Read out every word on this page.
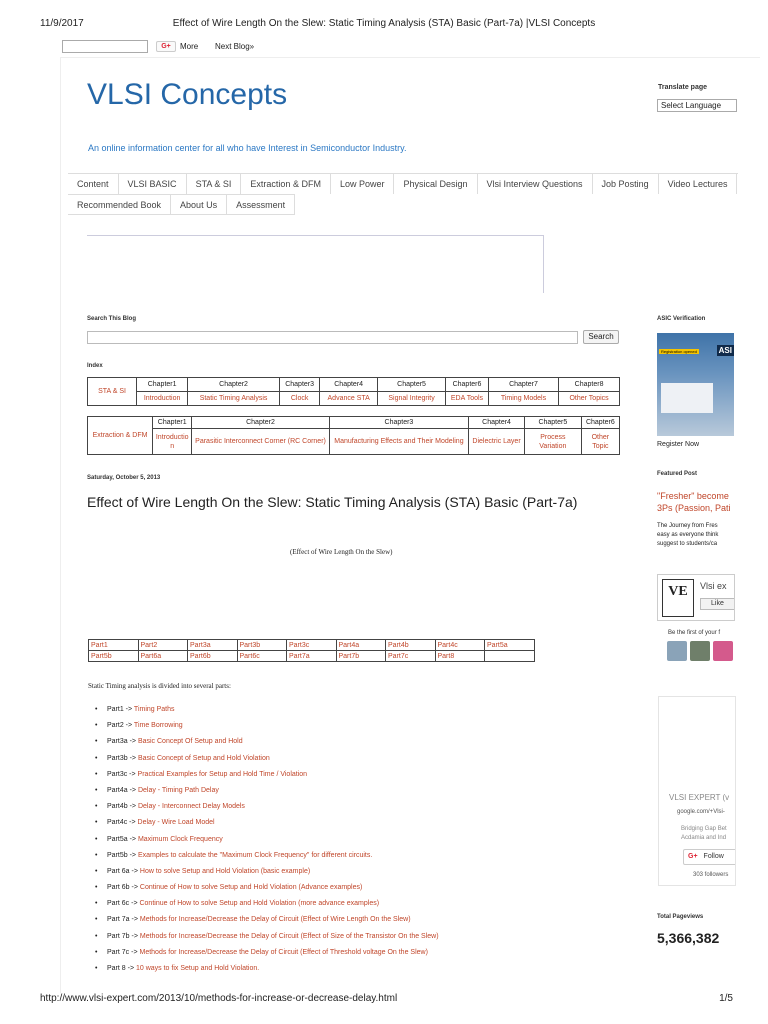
11/9/2017	Effect of Wire Length On the Slew: Static Timing Analysis (STA) Basic (Part-7a) |VLSI Concepts
G+	More Next Blog»
VLSI Concepts
An online information center for all who have Interest in Semiconductor Industry.
Translate page
Select Language
Content	VLSI BASIC	STA & SI	Extraction & DFM	Low Power	Physical Design	Vlsi Interview Questions	Job Posting	Video Lectures
Recommended Book	About Us	Assessment
Search This Blog
Search
Index
STA & SI	Chapter1	Chapter2	Chapter3	Chapter4	Chapter5	Chapter6	Chapter7	Chapter8
	Introduction	Static Timing Analysis	Clock	Advance STA	Signal Integrity	EDA Tools	Timing Models	Other Topics
Extraction & DFM	Chapter1	Chapter2	Chapter3	Chapter4	Chapter5	Chapter6
	Introductio n	Parasitic Interconnect Corner (RC Corner)	Manufacturing Effects and Their Modeling	Dielectric Layer	Process Variation	Other Topic
Saturday, October 5, 2013
Effect of Wire Length On the Slew: Static Timing Analysis (STA) Basic (Part-7a)
(Effect of Wire Length On the Slew)
Part1	Part2	Part3a	Part3b	Part3c	Part4a	Part4b	Part4c	Part5a
Part5b	Part6a	Part6b	Part6c	Part7a	Part7b	Part7c	Part8	
Static Timing analysis is divided into several parts:
• Part1 -> Timing Paths
• Part2 -> Time Borrowing
• Part3a -> Basic Concept Of Setup and Hold
• Part3b -> Basic Concept of Setup and Hold Violation
• Part3c -> Practical Examples for Setup and Hold Time / Violation
• Part4a -> Delay - Timing Path Delay
• Part4b -> Delay - Interconnect Delay Models
• Part4c -> Delay - Wire Load Model
• Part5a -> Maximum Clock Frequency
• Part5b -> Examples to calculate the "Maximum Clock Frequency" for different circuits.
• Part 6a -> How to solve Setup and Hold Violation (basic example)
• Part 6b -> Continue of How to solve Setup and Hold Violation (Advance examples)
• Part 6c -> Continue of How to solve Setup and Hold Violation (more advance examples)
• Part 7a -> Methods for Increase/Decrease the Delay of Circuit (Effect of Wire Length On the Slew)
• Part 7b -> Methods for Increase/Decrease the Delay of Circuit (Effect of Size of the Transistor On the Slew)
• Part 7c -> Methods for Increase/Decrease the Delay of Circuit (Effect of Threshold voltage On the Slew)
• Part 8 -> 10 ways to fix Setup and Hold Violation.
ASIC Verification
Registration opened	ASI
Register Now
Featured Post
"Fresher" become
3Ps (Passion, Pati
The Journey from Fres
easy as everyone think
suggest to students/ca
VE	Vlsi ex
Like
Be the first of your f
VLSI EXPERT (v
google.com/+Vlsi-
Bridging Gap Bet
Acdamia and Ind
G+ Follow
303 followers
Total Pageviews
5,366,382
http://www.vlsi-expert.com/2013/10/methods-for-increase-or-decrease-delay.html	1/5
